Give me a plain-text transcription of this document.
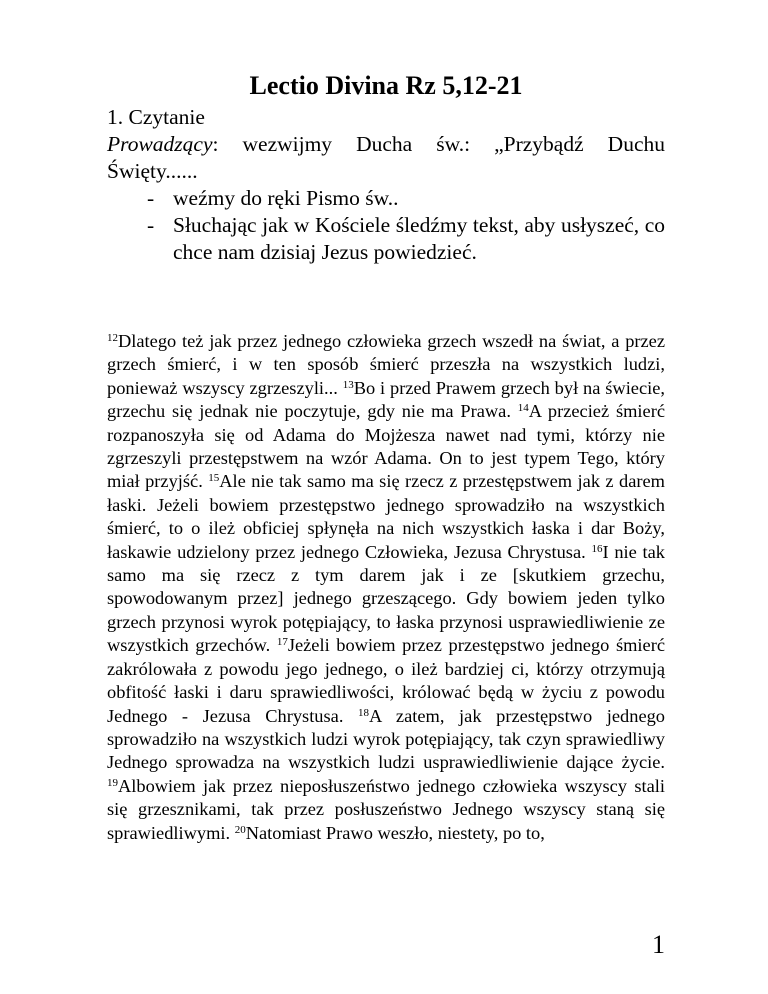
Lectio Divina Rz 5,12-21

1. Czytanie

Prowadzący: wezwijmy Ducha św.: „Przybądź Duchu Święty......

- weźmy do ręki Pismo św..
- Słuchając jak w Kościele śledźmy tekst, aby usłyszeć, co chce nam dzisiaj Jezus powiedzieć.

$^{12}$Dlatego też jak przez jednego człowieka grzech wszedł na świat, a przez grzech śmierć, i w ten sposób śmierć przeszła na wszystkich ludzi, ponieważ wszyscy zgrzeszyli... $^{13}$Bo i przed Prawem grzech był na świecie, grzechu się jednak nie poczytuje, gdy nie ma Prawa. $^{14}$A przecież śmierć rozpanoszyła się od Adama do Mojżesza nawet nad tymi, którzy nie zgrzeszyli przestępstwem na wzór Adama. On to jest typem Tego, który miał przyjść. $^{15}$Ale nie tak samo ma się rzecz z przestępstwem jak z darem łaski. Jeżeli bowiem przestępstwo jednego sprowadziło na wszystkich śmierć, to o ileż obficiej spłynęła na nich wszystkich łaska i dar Boży, łaskawie udzielony przez jednego Człowieka, Jezusa Chrystusa. $^{16}$I nie tak samo ma się rzecz z tym darem jak i ze [skutkiem grzechu, spowodowanym przez] jednego grzeszącego. Gdy bowiem jeden tylko grzech przynosi wyrok potępiający, to łaska przynosi usprawiedliwienie ze wszystkich grzechów. $^{17}$Jeżeli bowiem przez przestępstwo jednego śmierć zakrólowała z powodu jego jednego, o ileż bardziej ci, którzy otrzymują obfitość łaski i daru sprawiedliwości, królować będą w życiu z powodu Jednego - Jezusa Chrystusa. $^{18}$A zatem, jak przestępstwo jednego sprowadziło na wszystkich ludzi wyrok potępiający, tak czyn sprawiedliwy Jednego sprowadza na wszystkich ludzi usprawiedliwienie dające życie. $^{19}$Albowiem jak przez nieposłuszeństwo jednego człowieka wszyscy stali się grzesznikami, tak przez posłuszeństwo Jednego wszyscy staną się sprawiedliwymi. $^{20}$Natomiast Prawo weszło, niestety, po to,

1
